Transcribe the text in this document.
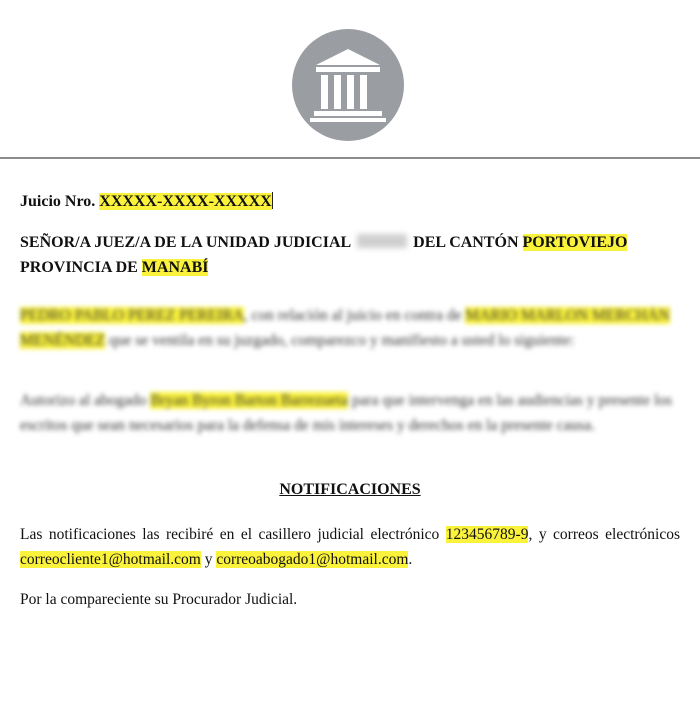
Juicio Nro. XXXXX-XXXX-XXXXX
SEÑOR/A JUEZ/A DE LA UNIDAD JUDICIAL	DEL CANTÓN PORTOVIEJO
PROVINCIA DE MANABÍ
PEDRO PABLO PEREZ PEREIRA, con relación al juicio en contra de MARIO MARLON MERCHÁN MENÉNDEZ que se ventila en su juzgado, comparezco y manifiesto a usted lo siguiente:
Autorizo al abogado Bryan Byron Barton Barrezueta para que intervenga en las audiencias y presente los escritos que sean necesarios para la defensa de mis intereses y derechos en la presente causa.
NOTIFICACIONES
Las notificaciones las recibiré en el casillero judicial electrónico 123456789-9, y correos electrónicos correocliente1@hotmail.com y correoabogado1@hotmail.com.
Por la compareciente su Procurador Judicial.
